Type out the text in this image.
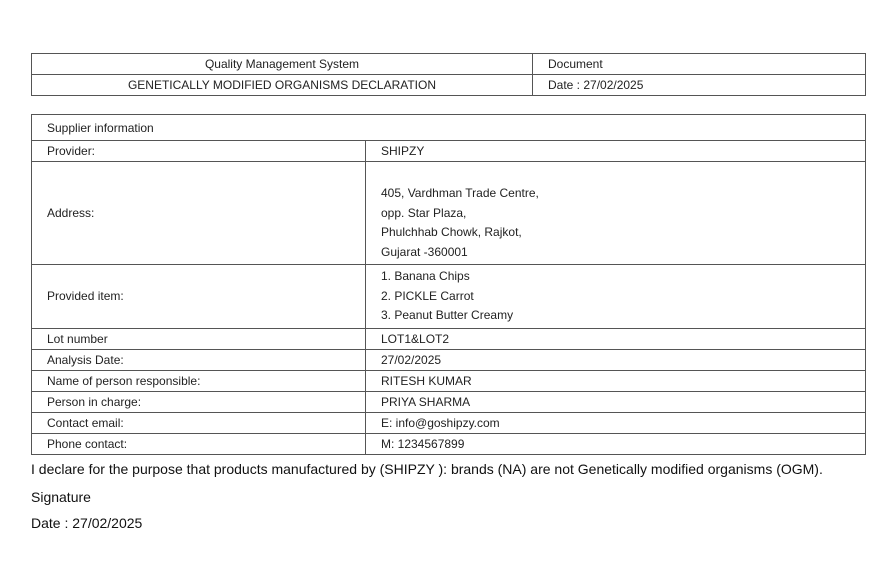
Quality Management System	Document
GENETICALLY MODIFIED ORGANISMS DECLARATION	Date : 27/02/2025
Supplier information	
Provider:	SHIPZY
Address:	405, Vardhman Trade Centre,
opp. Star Plaza,
Phulchhab Chowk, Rajkot,
Gujarat -360001

Provided item:	1. Banana Chips
2. PICKLE Carrot
3. Peanut Butter Creamy

Lot number	LOT1&LOT2
Analysis Date:	27/02/2025
Name of person responsible:	RITESH KUMAR
Person in charge:	PRIYA SHARMA
Contact email:	E: info@goshipzy.com
Phone contact:	M: 1234567899
I declare for the purpose that products manufactured by (SHIPZY ): brands (NA) are not Genetically modified organisms (OGM).
Signature
Date : 27/02/2025
